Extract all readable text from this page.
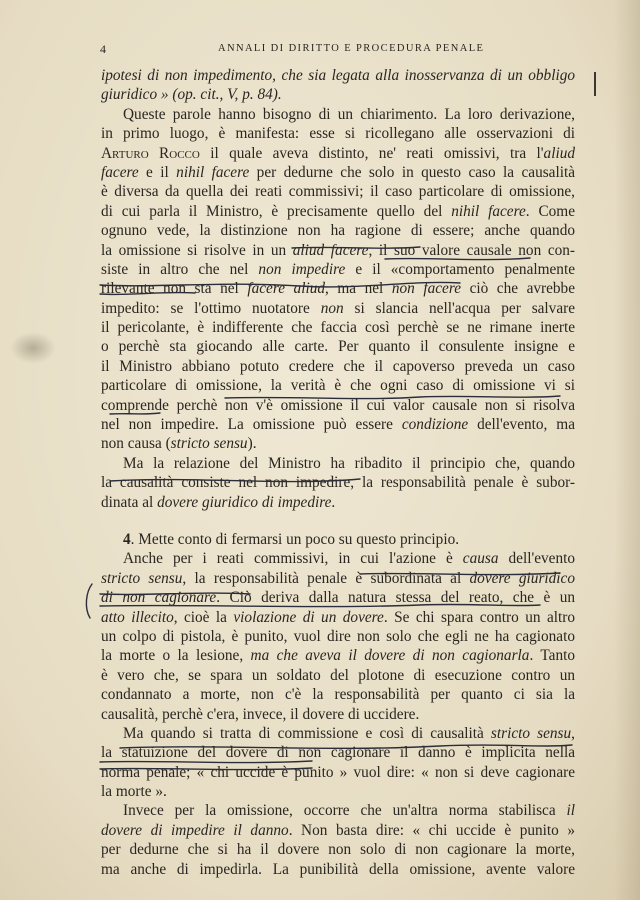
4	ANNALI DI DIRITTO E PROCEDURA PENALE
ipotesi di non impedimento, che sia legata alla inosservanza di un obbligo
giuridico » (op. cit., V, p. 84).
Queste parole hanno bisogno di un chiarimento. La loro derivazione,
in primo luogo, è manifesta: esse si ricollegano alle osservazioni di
Arturo Rocco il quale aveva distinto, ne' reati omissivi, tra l'aliud
facere e il nihil facere per dedurne che solo in questo caso la causalità
è diversa da quella dei reati commissivi; il caso particolare di omissione,
di cui parla il Ministro, è precisamente quello del nihil facere. Come
ognuno vede, la distinzione non ha ragione di essere; anche quando
la omissione si risolve in un aliud facere, il suo valore causale non con-
siste in altro che nel non impedire e il «comportamento penalmente
rilevante non sta nel facere aliud, ma nel non facere ciò che avrebbe
impedito: se l'ottimo nuotatore non si slancia nell'acqua per salvare
il pericolante, è indifferente che faccia così perchè se ne rimane inerte
o perchè sta giocando alle carte. Per quanto il consulente insigne e
il Ministro abbiano potuto credere che il capoverso preveda un caso
particolare di omissione, la verità è che ogni caso di omissione vi si
comprende perchè non v'è omissione il cui valor causale non si risolva
nel non impedire. La omissione può essere condizione dell'evento, ma
non causa (stricto sensu).
Ma la relazione del Ministro ha ribadito il principio che, quando
la causalità consiste nel non impedire, la responsabilità penale è subor-
dinata al dovere giuridico di impedire.
4. Mette conto di fermarsi un poco su questo principio.
Anche per i reati commissivi, in cui l'azione è causa dell'evento
stricto sensu, la responsabilità penale è subordinata al dovere giuridico
di non cagionare. Ciò deriva dalla natura stessa del reato, che è un
atto illecito, cioè la violazione di un dovere. Se chi spara contro un altro
un colpo di pistola, è punito, vuol dire non solo che egli ne ha cagionato
la morte o la lesione, ma che aveva il dovere di non cagionarla. Tanto
è vero che, se spara un soldato del plotone di esecuzione contro un
condannato a morte, non c'è la responsabilità per quanto ci sia la
causalità, perchè c'era, invece, il dovere di uccidere.
Ma quando si tratta di commissione e così di causalità stricto sensu,
la statuizione del dovere di non cagionare il danno è implicita nella
norma penale; « chi uccide è punito » vuol dire: « non si deve cagionare
la morte ».
Invece per la omissione, occorre che un'altra norma stabilisca il
dovere di impedire il danno. Non basta dire: « chi uccide è punito »
per dedurne che si ha il dovere non solo di non cagionare la morte,
ma anche di impedirla. La punibilità della omissione, avente valore
